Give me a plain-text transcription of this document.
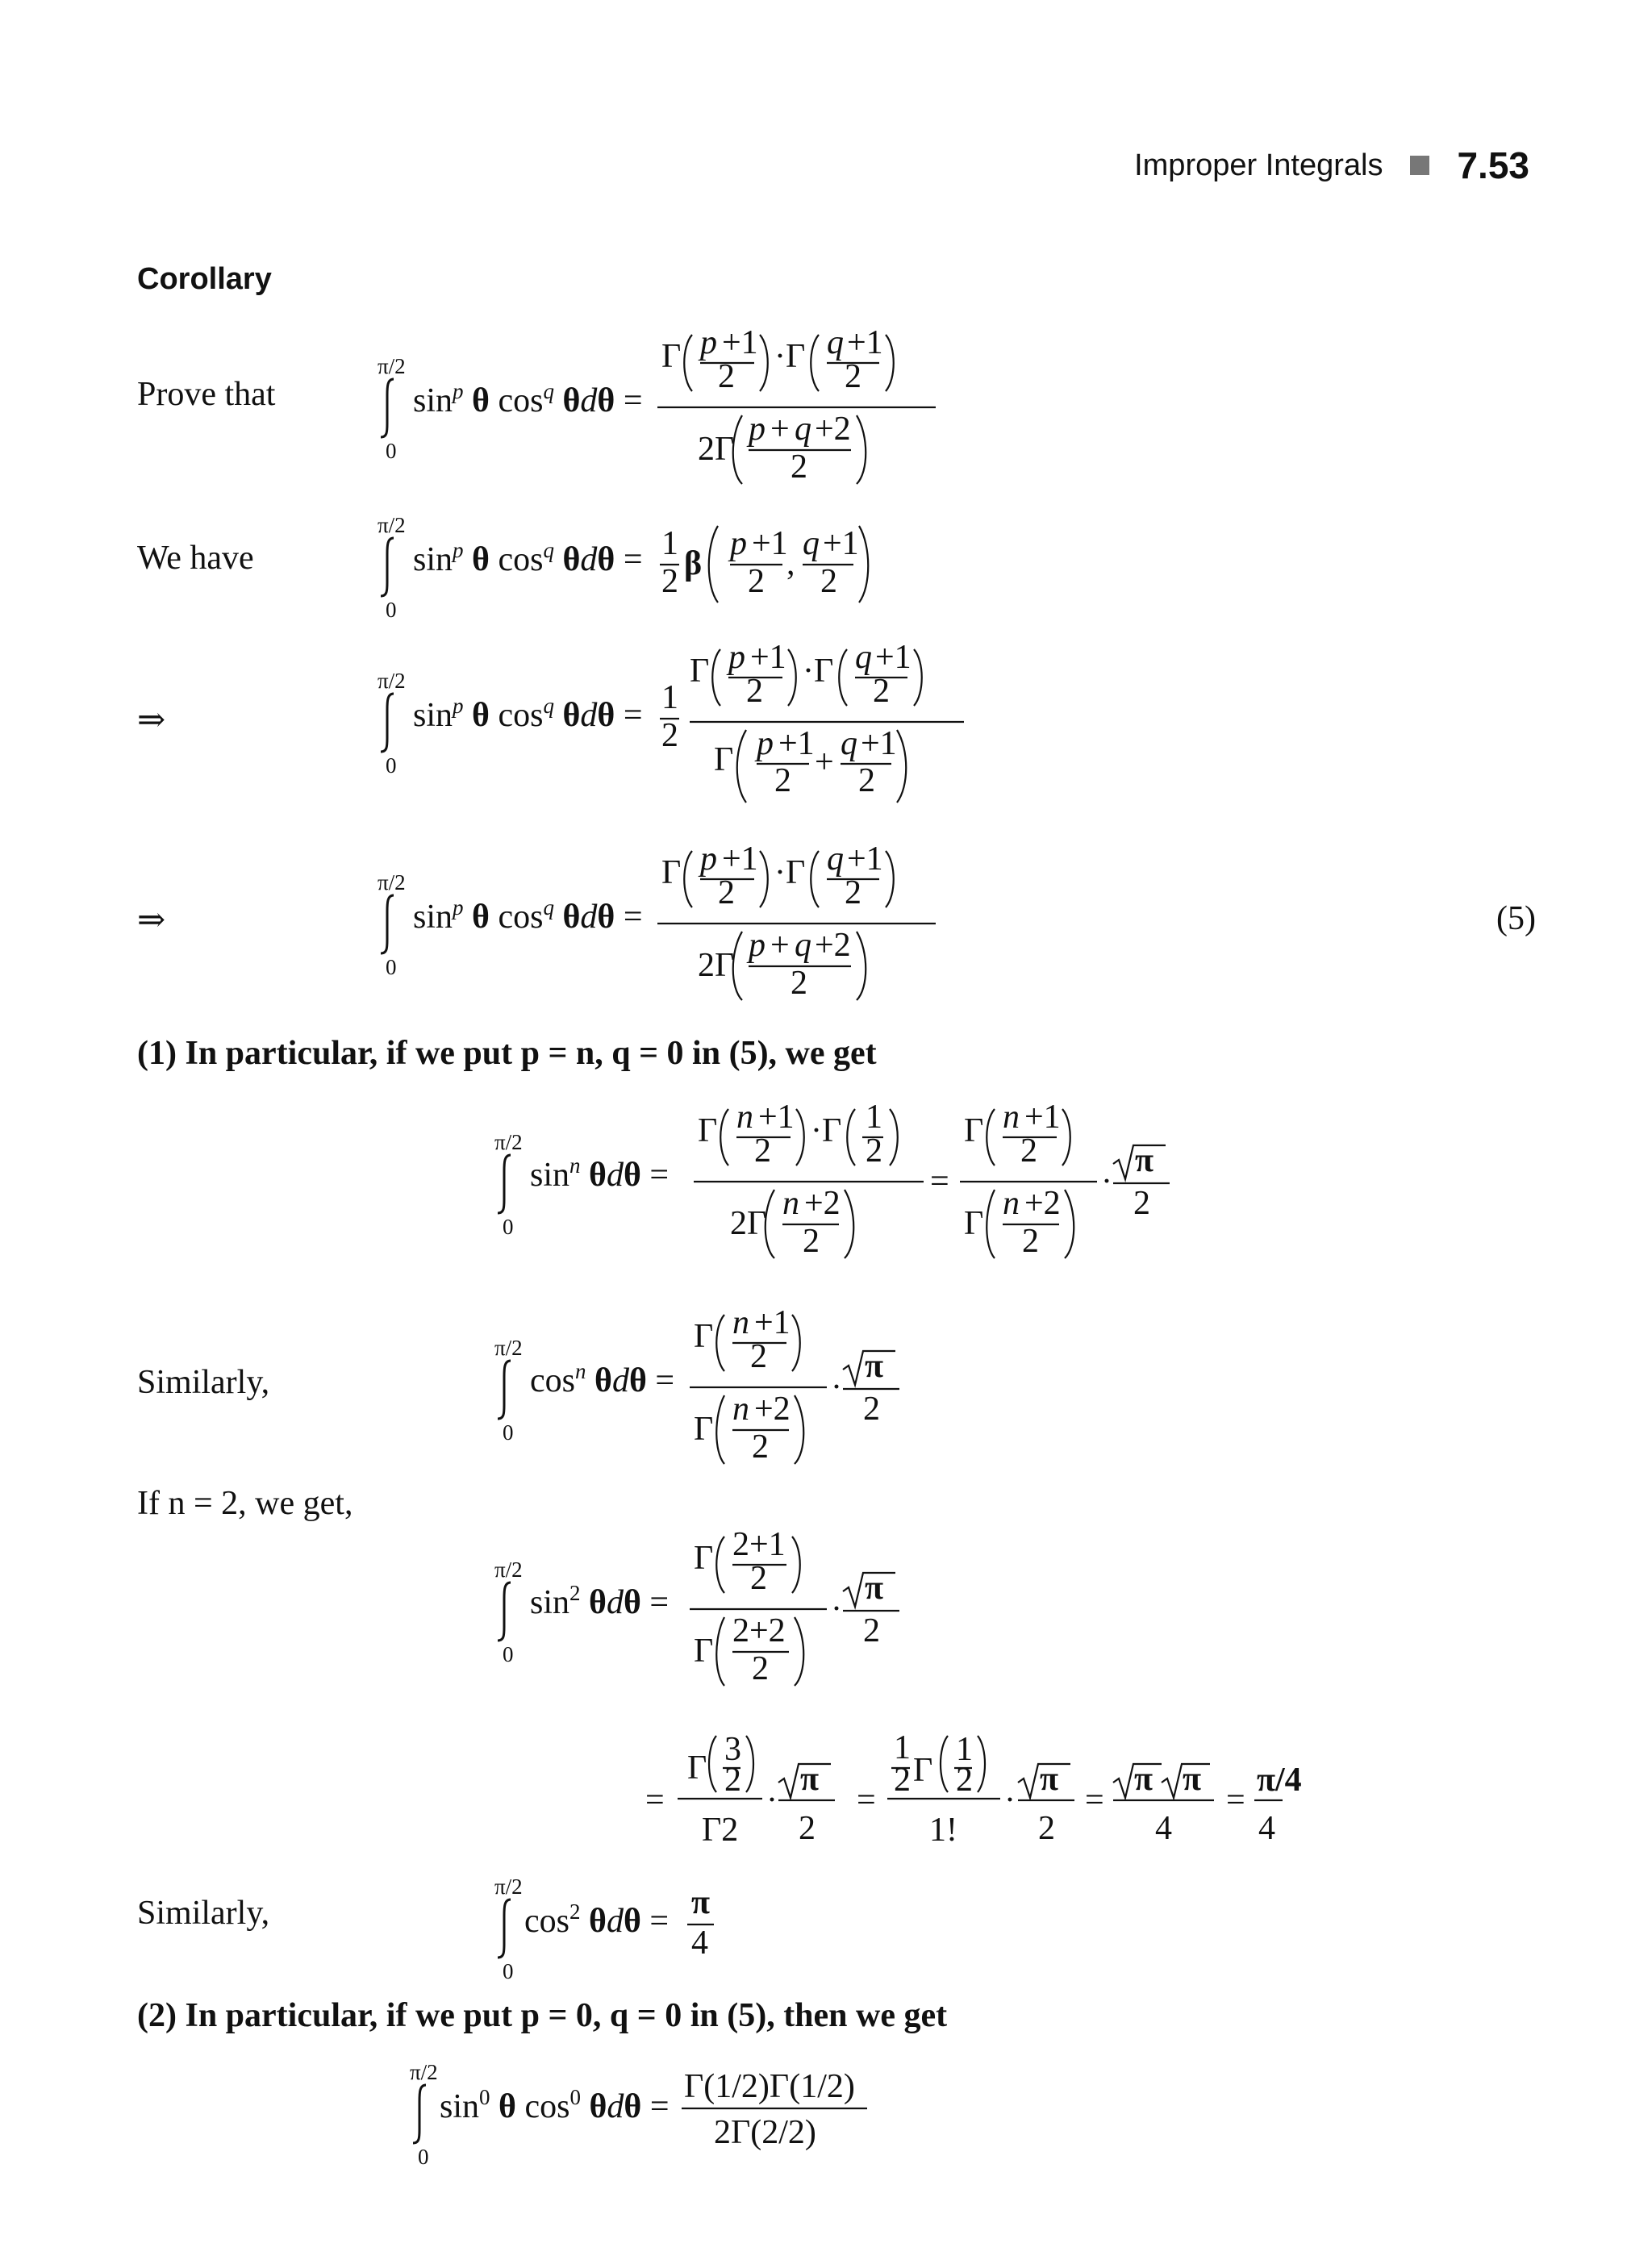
Improper Integrals 7.53
Corollary
Prove that
We have
⇒
⇒	(5)
(1) In particular, if we put p = n, q = 0 in (5), we get
Similarly,
If n = 2, we get,
Similarly,
(2) In particular, if we put p = 0, q = 0 in (5), then we get
π/2
0
$\sin^p \theta$ $\cos^q \theta d\theta$ =
Γ p +1
2
·Γ q +1
2
2Γ
p + q +2
2
π/2
0
$\sin^p \theta$ $\cos^q \theta d\theta = 1$
2 β
p +1
2 ,
q +1
2
π/2
0
$\sin^p \theta$ $\cos^q \theta d\theta = 1$
2
Γ p +1
2
·Γ q +1
2
Γ p +1
2 + q +1
2
π/2
0
$\sin^p \theta$ $\cos^q \theta d\theta$ =
Γ p +1
2
·Γ q +1
2
2Γ
p + q +2
2
π/2
0
$\sin^n \theta d\theta$ =
Γ n +1
2
·Γ 1
2
2Γ
n +2
2
=
Γ n +1
2
Γ
n +2
2
·
π
2
π/2
0
$\cos^n \theta d\theta$ =
Γ n +1
2
Γ
n +2
2
·
π
2
π/2
0
$\sin^2 \theta d\theta$ =
Γ 2+1
2
Γ
2+2
2
·
π
2
=
Γ 3
2
Γ2
·
π
2
=
1
2 Γ
1
2
1!
·
π
2
=
π π
4
=
π/4
4
π/2
0
$\cos^2 \theta d\theta = \pi$
4
π/2
0
$\sin^0 \theta$ $\cos^0 \theta d\theta$ =
Γ(1/2)Γ(1/2)
2Γ(2/2)
